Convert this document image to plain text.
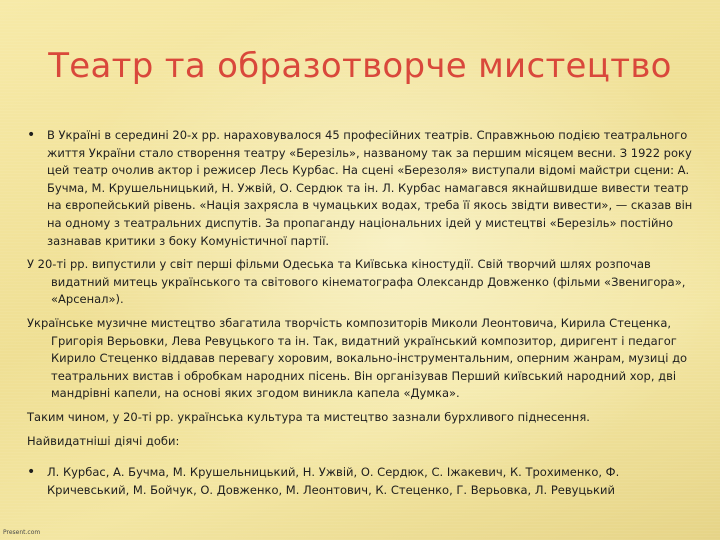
Театр та образотворче мистецтво
• В Україні в середині 20-х рр. нараховувалося 45 професійних театрів. Справжньою подією театрального життя України стало створення театру «Березіль», названому так за першим місяцем весни. З 1922 року цей театр очолив актор і режисер Лесь Курбас. На сцені «Березоля» виступали відомі майстри сцени: А. Бучма, М. Крушельницький, Н. Ужвій, О. Сердюк та ін. Л. Курбас намагався якнайшвидше вивести театр на європейський рівень. «Нація захрясла в чумацьких водах, треба її якось звідти вивести», — сказав він на одному з театральних диспутів. За пропаганду національних ідей у мистецтві «Березіль» постійно зазнавав критики з боку Комуністичної партії.
У 20-ті рр. випустили у світ перші фільми Одеська та Київська кіностудії. Свій творчий шлях розпочав видатний митець українського та світового кінематографа Олександр Довженко (фільми «Звенигора», «Арсенал»).
Українське музичне мистецтво збагатила творчість композиторів Миколи Леонтовича, Кирила Стеценка, Григорія Верьовки, Лева Ревуцького та ін. Так, видатний український композитор, диригент і педагог Кирило Стеценко віддавав перевагу хоровим, вокально-інструментальним, оперним жанрам, музиці до театральних вистав і обробкам народних пісень. Він організував Перший київський народний хор, дві мандрівні капели, на основі яких згодом виникла капела «Думка».
Таким чином, у 20-ті рр. українська культура та мистецтво зазнали бурхливого піднесення.
Найвидатніші діячі доби:
• Л. Курбас, А. Бучма, М. Крушельницький, Н. Ужвій, О. Сердюк, С. Іжакевич, К. Трохименко, Ф. Кричевський, М. Бойчук, О. Довженко, М. Леонтович, К. Стеценко, Г. Верьовка, Л. Ревуцький
Present.com
